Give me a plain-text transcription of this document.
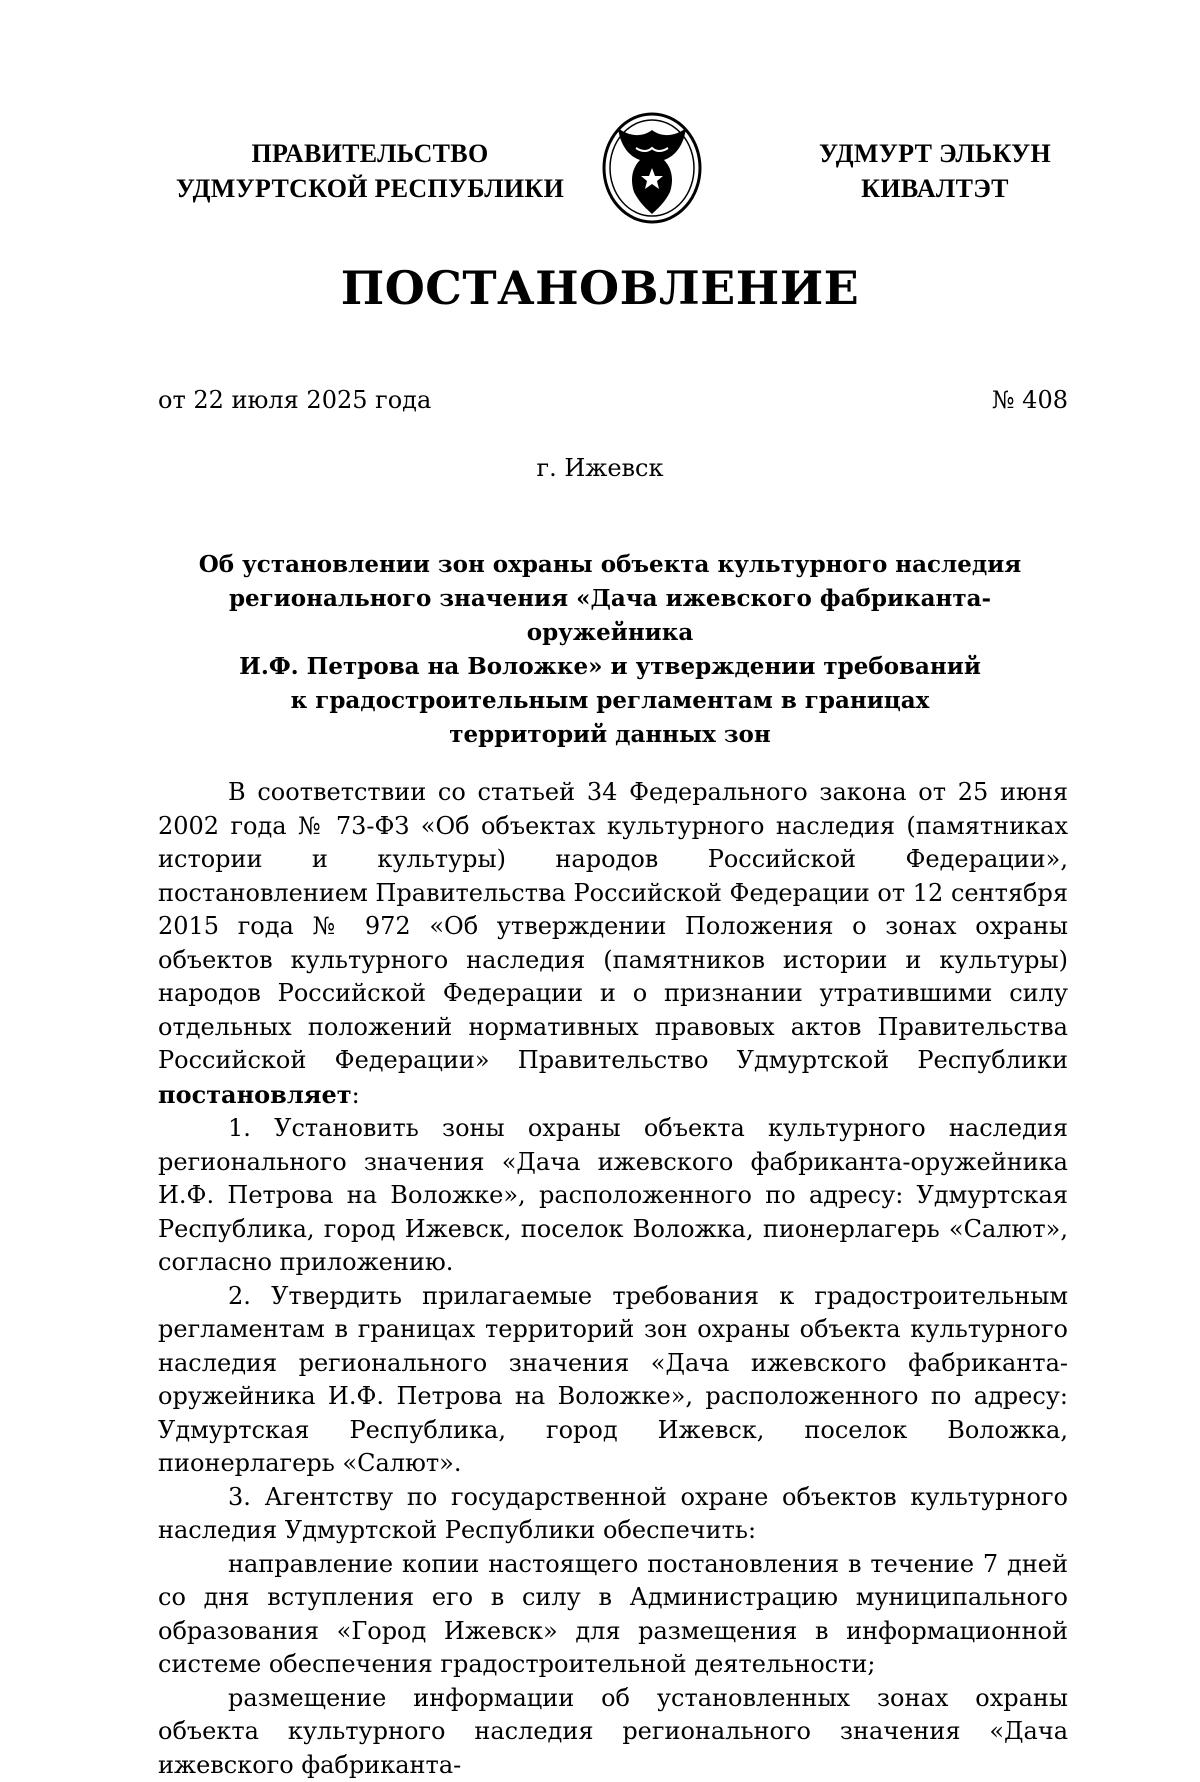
ПРАВИТЕЛЬСТВО
УДМУРТСКОЙ РЕСПУБЛИКИ
УДМУРТ ЭЛЬКУН
КИВАЛТЭТ
ПОСТАНОВЛЕНИЕ
от 22 июля 2025 года	№ 408
г. Ижевск
Об установлении зон охраны объекта культурного наследия
регионального значения «Дача ижевского фабриканта-оружейника
И.Ф. Петрова на Воложке» и утверждении требований
к градостроительным регламентам в границах
территорий данных зон

В соответствии со статьей 34 Федерального закона от 25 июня 2002 года № 73-ФЗ «Об объектах культурного наследия (памятниках истории и культуры) народов Российской Федерации», постановлением Правительства Российской Федерации от 12 сентября 2015 года № 972 «Об утверждении Положения о зонах охраны объектов культурного наследия (памятников истории и культуры) народов Российской Федерации и о признании утратившими силу отдельных положений нормативных правовых актов Правительства Российской Федерации» Правительство Удмуртской Республики постановляет:

1. Установить зоны охраны объекта культурного наследия регионального значения «Дача ижевского фабриканта-оружейника И.Ф. Петрова на Воложке», расположенного по адресу: Удмуртская Республика, город Ижевск, поселок Воложка, пионерлагерь «Салют», согласно приложению.

2. Утвердить прилагаемые требования к градостроительным регламентам в границах территорий зон охраны объекта культурного наследия регионального значения «Дача ижевского фабриканта-оружейника И.Ф. Петрова на Воложке», расположенного по адресу: Удмуртская Республика, город Ижевск, поселок Воложка, пионерлагерь «Салют».

3. Агентству по государственной охране объектов культурного наследия Удмуртской Республики обеспечить:

направление копии настоящего постановления в течение 7 дней со дня вступления его в силу в Администрацию муниципального образования «Город Ижевск» для размещения в информационной системе обеспечения градостроительной деятельности;

размещение информации об установленных зонах охраны объекта культурного наследия регионального значения «Дача ижевского фабриканта-
